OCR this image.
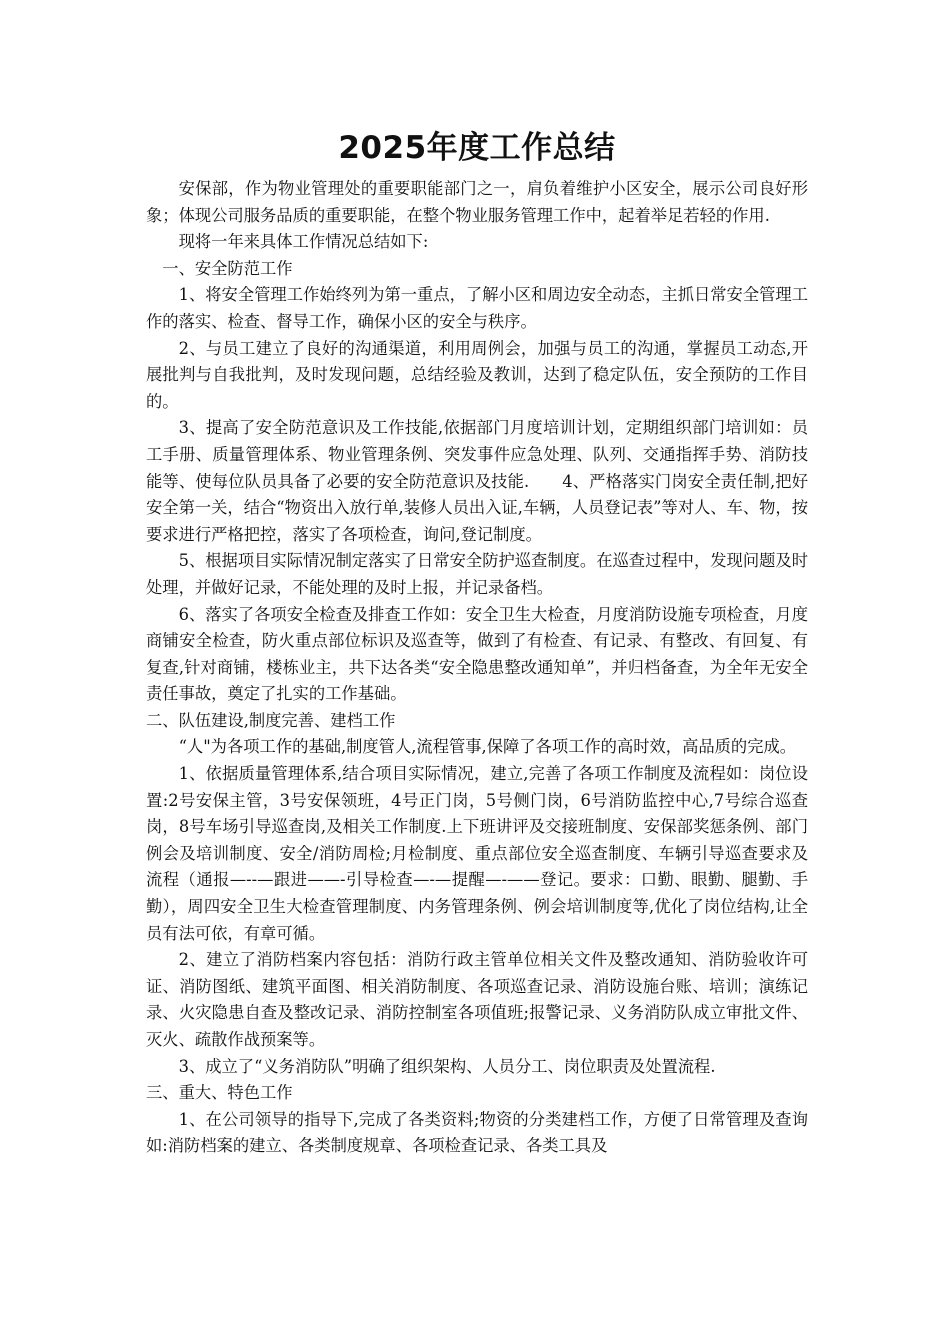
2025年度工作总结

安保部，作为物业管理处的重要职能部门之一，肩负着维护小区安全，展示公司良好形象；体现公司服务品质的重要职能，在整个物业服务管理工作中，起着举足若轻的作用.

现将一年来具体工作情况总结如下:

一、安全防范工作

1、将安全管理工作始终列为第一重点，了解小区和周边安全动态，主抓日常安全管理工作的落实、检查、督导工作，确保小区的安全与秩序。

2、与员工建立了良好的沟通渠道，利用周例会，加强与员工的沟通，掌握员工动态,开展批判与自我批判，及时发现问题，总结经验及教训，达到了稳定队伍，安全预防的工作目的。

3、提高了安全防范意识及工作技能,依据部门月度培训计划，定期组织部门培训如：员工手册、质量管理体系、物业管理条例、突发事件应急处理、队列、交通指挥手势、消防技能等、使每位队员具备了必要的安全防范意识及技能.　　4、严格落实门岗安全责任制,把好安全第一关，结合“物资出入放行单,装修人员出入证,车辆，人员登记表”等对人、车、物，按要求进行严格把控，落实了各项检查，询问,登记制度。

5、根据项目实际情况制定落实了日常安全防护巡查制度。在巡查过程中，发现问题及时处理，并做好记录，不能处理的及时上报，并记录备档。

6、落实了各项安全检查及排查工作如：安全卫生大检查，月度消防设施专项检查，月度商铺安全检查，防火重点部位标识及巡查等，做到了有检查、有记录、有整改、有回复、有复查,针对商铺，楼栋业主，共下达各类“安全隐患整改通知单”，并归档备查，为全年无安全责任事故，奠定了扎实的工作基础。

二、队伍建设,制度完善、建档工作

“人"为各项工作的基础,制度管人,流程管事,保障了各项工作的高时效，高品质的完成。

1、依据质量管理体系,结合项目实际情况，建立,完善了各项工作制度及流程如：岗位设置:2号安保主管，3号安保领班，4号正门岗，5号侧门岗，6号消防监控中心,7号综合巡查岗，8号车场引导巡查岗,及相关工作制度.上下班讲评及交接班制度、安保部奖惩条例、部门例会及培训制度、安全/消防周检;月检制度、重点部位安全巡查制度、车辆引导巡查要求及流程（通报—--—跟进——-引导检查—-—提醒—-——登记。要求：口勤、眼勤、腿勤、手勤），周四安全卫生大检查管理制度、内务管理条例、例会培训制度等,优化了岗位结构,让全员有法可依，有章可循。

2、建立了消防档案内容包括：消防行政主管单位相关文件及整改通知、消防验收许可证、消防图纸、建筑平面图、相关消防制度、各项巡查记录、消防设施台账、培训；演练记录、火灾隐患自查及整改记录、消防控制室各项值班;报警记录、义务消防队成立审批文件、灭火、疏散作战预案等。

3、成立了“义务消防队”明确了组织架构、人员分工、岗位职责及处置流程.

三、重大、特色工作

1、在公司领导的指导下,完成了各类资料;物资的分类建档工作，方便了日常管理及查询如:消防档案的建立、各类制度规章、各项检查记录、各类工具及
